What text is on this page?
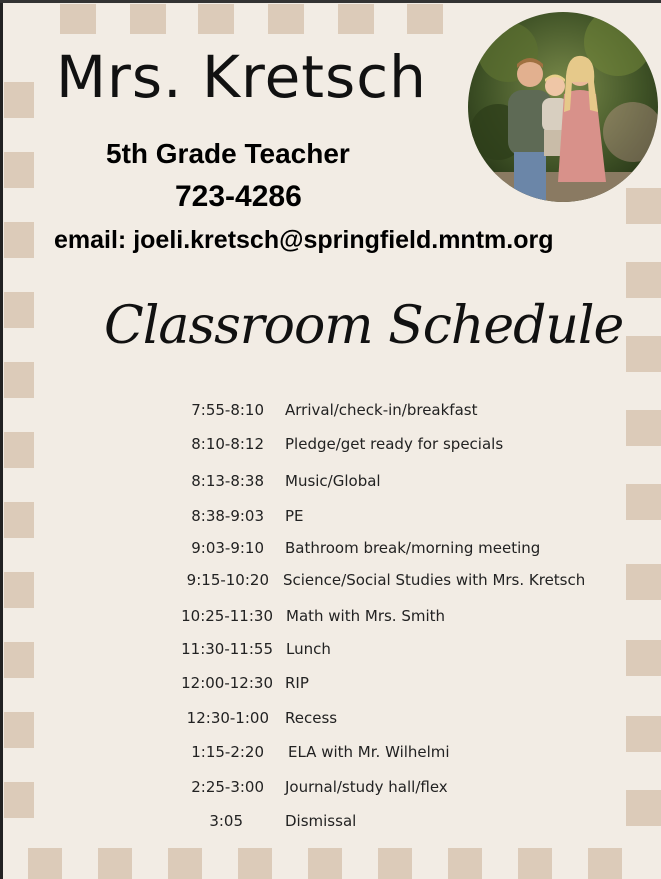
Mrs. Kretsch
5th Grade Teacher
723-4286
email: joeli.kretsch@springfield.mntm.org
Classroom Schedule
7:55-8:10 Arrival/check-in/breakfast
8:10-8:12 Pledge/get ready for specials
8:13-8:38 Music/Global
8:38-9:03 PE
9:03-9:10 Bathroom break/morning meeting
9:15-10:20 Science/Social Studies with Mrs. Kretsch
10:25-11:30 Math with Mrs. Smith
11:30-11:55 Lunch
12:00-12:30 RIP
12:30-1:00 Recess
1:15-2:20 ELA with Mr. Wilhelmi
2:25-3:00 Journal/study hall/flex
3:05	Dismissal
